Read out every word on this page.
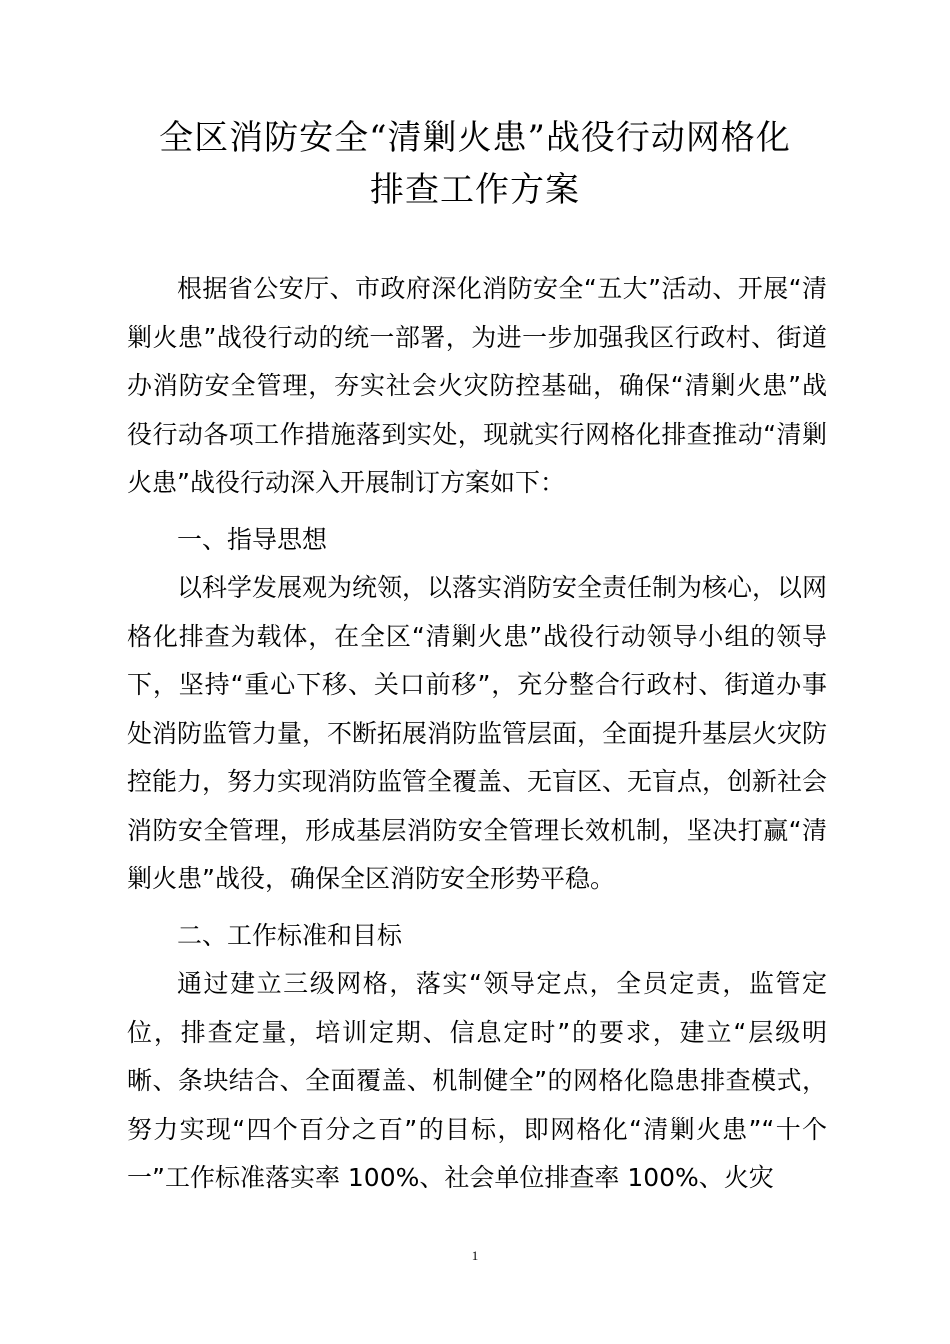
全区消防安全“清剿火患”战役行动网格化
排查工作方案

根据省公安厅、市政府深化消防安全“五大”活动、开展“清剿火患”战役行动的统一部署，为进一步加强我区行政村、街道办消防安全管理，夯实社会火灾防控基础，确保“清剿火患”战役行动各项工作措施落到实处，现就实行网格化排查推动“清剿火患”战役行动深入开展制订方案如下：

一、指导思想

以科学发展观为统领，以落实消防安全责任制为核心，以网格化排查为载体，在全区“清剿火患”战役行动领导小组的领导下，坚持“重心下移、关口前移”，充分整合行政村、街道办事处消防监管力量，不断拓展消防监管层面，全面提升基层火灾防控能力，努力实现消防监管全覆盖、无盲区、无盲点，创新社会消防安全管理，形成基层消防安全管理长效机制，坚决打赢“清剿火患”战役，确保全区消防安全形势平稳。

二、工作标准和目标

通过建立三级网格，落实“领导定点，全员定责，监管定位，排查定量，培训定期、信息定时”的要求，建立“层级明晰、条块结合、全面覆盖、机制健全”的网格化隐患排查模式，努力实现“四个百分之百”的目标，即网格化“清剿火患”“十个一”工作标准落实率 100%、社会单位排查率 100%、火灾

1
